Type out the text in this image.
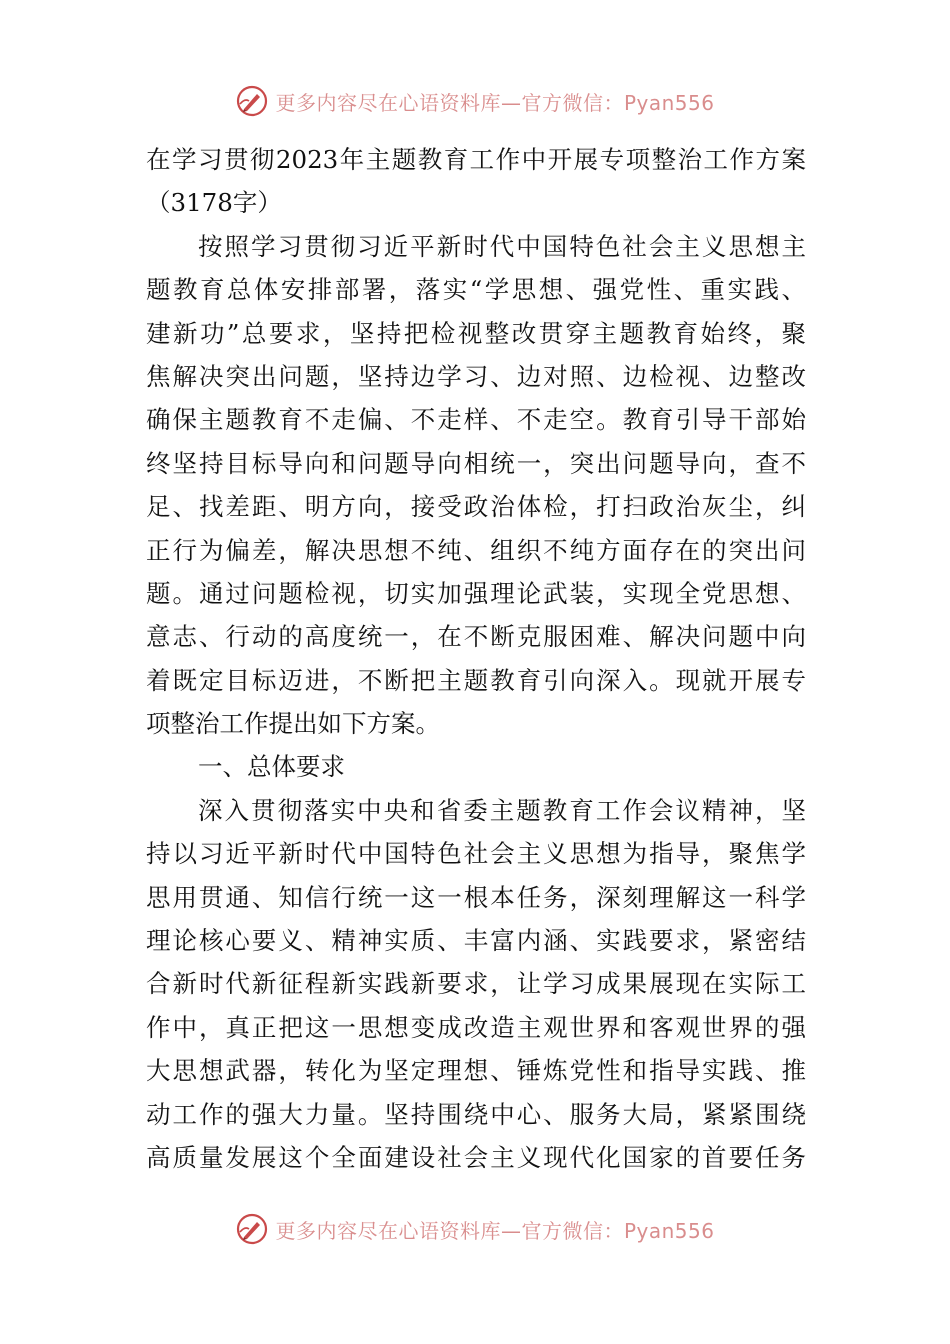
更多内容尽在心语资料库—官方微信：Pyan556
在学习贯彻2023年主题教育工作中开展专项整治工作方案
（3178字）
按照学习贯彻习近平新时代中国特色社会主义思想主
题教育总体安排部署，落实“学思想、强党性、重实践、
建新功”总要求，坚持把检视整改贯穿主题教育始终，聚
焦解决突出问题，坚持边学习、边对照、边检视、边整改
确保主题教育不走偏、不走样、不走空。教育引导干部始
终坚持目标导向和问题导向相统一，突出问题导向，查不
足、找差距、明方向，接受政治体检，打扫政治灰尘，纠
正行为偏差，解决思想不纯、组织不纯方面存在的突出问
题。通过问题检视，切实加强理论武装，实现全党思想、
意志、行动的高度统一，在不断克服困难、解决问题中向
着既定目标迈进，不断把主题教育引向深入。现就开展专
项整治工作提出如下方案。
一、总体要求
深入贯彻落实中央和省委主题教育工作会议精神，坚
持以习近平新时代中国特色社会主义思想为指导，聚焦学
思用贯通、知信行统一这一根本任务，深刻理解这一科学
理论核心要义、精神实质、丰富内涵、实践要求，紧密结
合新时代新征程新实践新要求，让学习成果展现在实际工
作中，真正把这一思想变成改造主观世界和客观世界的强
大思想武器，转化为坚定理想、锤炼党性和指导实践、推
动工作的强大力量。坚持围绕中心、服务大局，紧紧围绕
高质量发展这个全面建设社会主义现代化国家的首要任务
更多内容尽在心语资料库—官方微信：Pyan556
